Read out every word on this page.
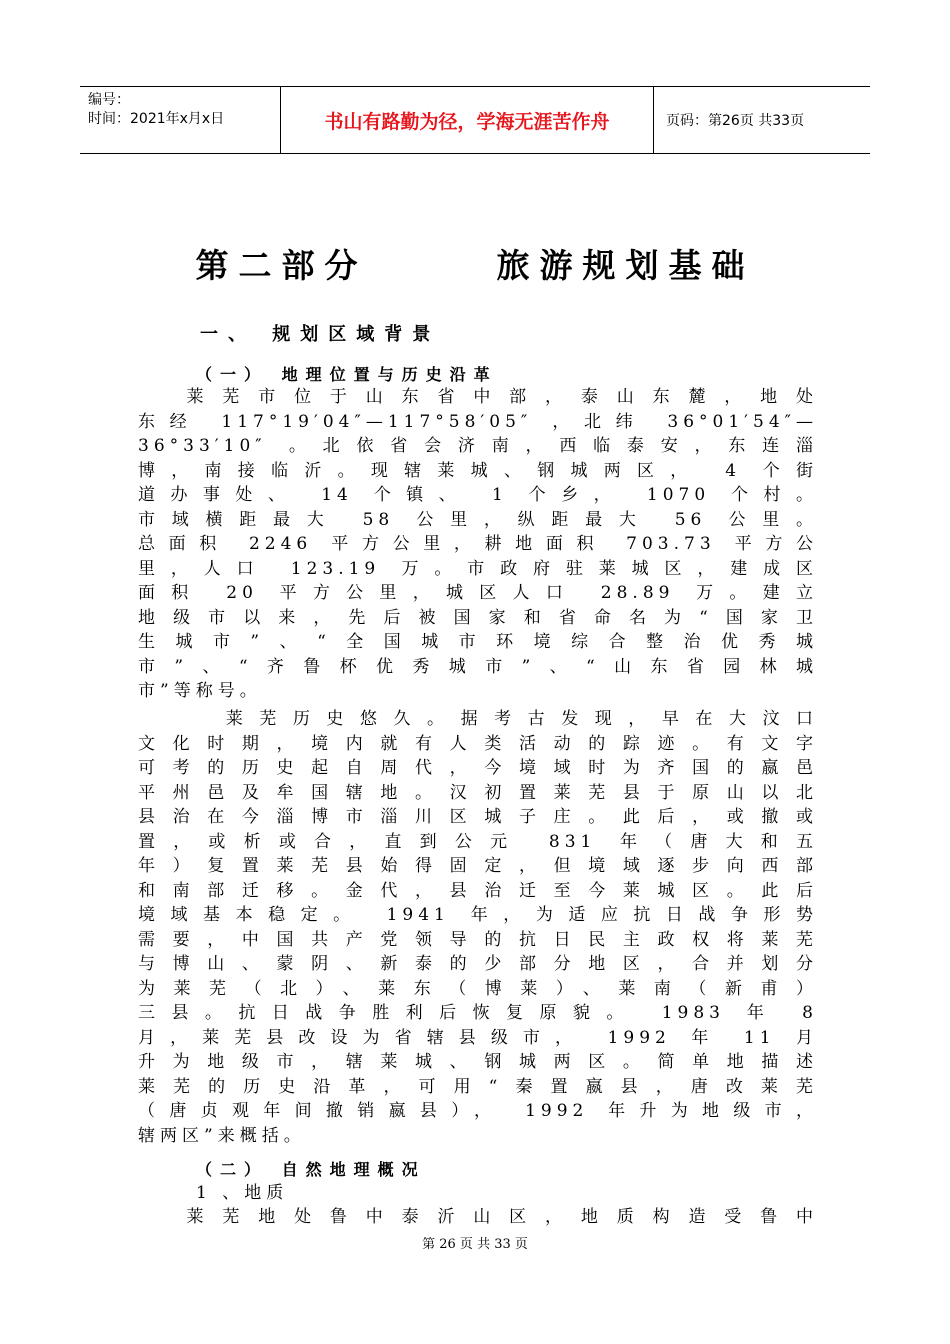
编号：
时间：2021年x月x日	书山有路勤为径，学海无涯苦作舟	页码：第26页 共33页
第二部分      旅游规划基础
一、 规划区域背景
（一） 地理位置与历史沿革
莱芜市位于山东省中部，泰山东麓，地处
东经 117°19′04″—117°58′05″ ，北纬 36°01′54″—
36°33′10″ 。北依省会济南，西临泰安，东连淄
博，南接临沂。现辖莱城、钢城两区， 4 个街
道办事处、 14 个镇、 1 个乡， 1070 个村。
市域横距最大 58 公里，纵距最大 56 公里。
总面积 2246 平方公里，耕地面积 703.73 平方公
里，人口 123.19 万。市政府驻莱城区，建成区
面积 20 平方公里，城区人口 28.89 万。建立
地级市以来，先后被国家和省命名为“国家卫
生城市”、“全国城市环境综合整治优秀城
市”、“齐鲁杯优秀城市”、“山东省园林城
市”等称号。
莱芜历史悠久。据考古发现，早在大汶口
文化时期，境内就有人类活动的踪迹。有文字
可考的历史起自周代，今境域时为齐国的嬴邑
平州邑及牟国辖地。汉初置莱芜县于原山以北
县治在今淄博市淄川区城子庄。此后，或撤或
置，或析或合，直到公元 831 年（唐大和五
年）复置莱芜县始得固定，但境域逐步向西部
和南部迁移。金代，县治迁至今莱城区。此后
境域基本稳定。 1941 年，为适应抗日战争形势
需要，中国共产党领导的抗日民主政权将莱芜
与博山、蒙阴、新泰的少部分地区，合并划分
为莱芜（北）、莱东（博莱）、莱南（新甫）
三县。抗日战争胜利后恢复原貌。 1983 年 8
月，莱芜县改设为省辖县级市， 1992 年 11 月
升为地级市，辖莱城、钢城两区。简单地描述
莱芜的历史沿革，可用“秦置嬴县，唐改莱芜
（唐贞观年间撤销嬴县）， 1992 年升为地级市，
辖两区”来概括。
（二） 自然地理概况
1 、地质
莱芜地处鲁中泰沂山区，地质构造受鲁中
第 26 页 共 33 页
